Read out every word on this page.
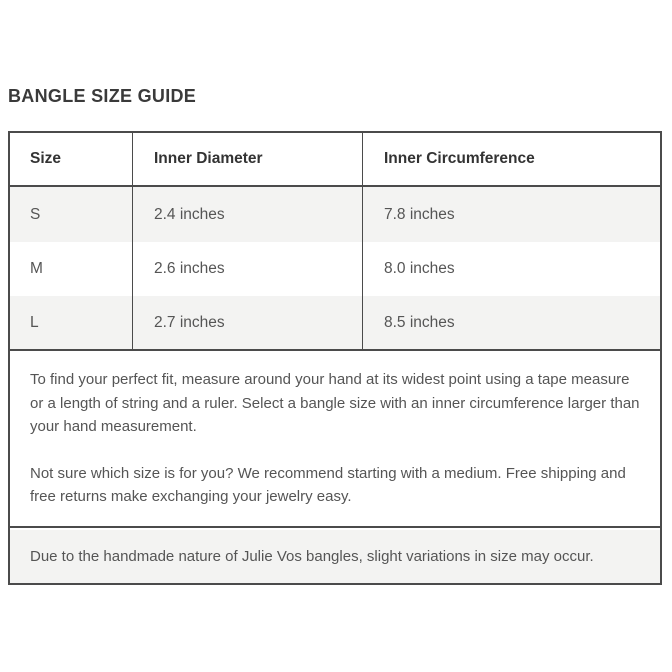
BANGLE SIZE GUIDE
Size	Inner Diameter	Inner Circumference
S	2.4 inches	7.8 inches
M	2.6 inches	8.0 inches
L	2.7 inches	8.5 inches

To find your perfect fit, measure around your hand at its widest point using a tape measure or a length of string and a ruler. Select a bangle size with an inner circumference larger than your hand measurement.

Not sure which size is for you? We recommend starting with a medium. Free shipping and free returns make exchanging your jewelry easy.

Due to the handmade nature of Julie Vos bangles, slight variations in size may occur.
